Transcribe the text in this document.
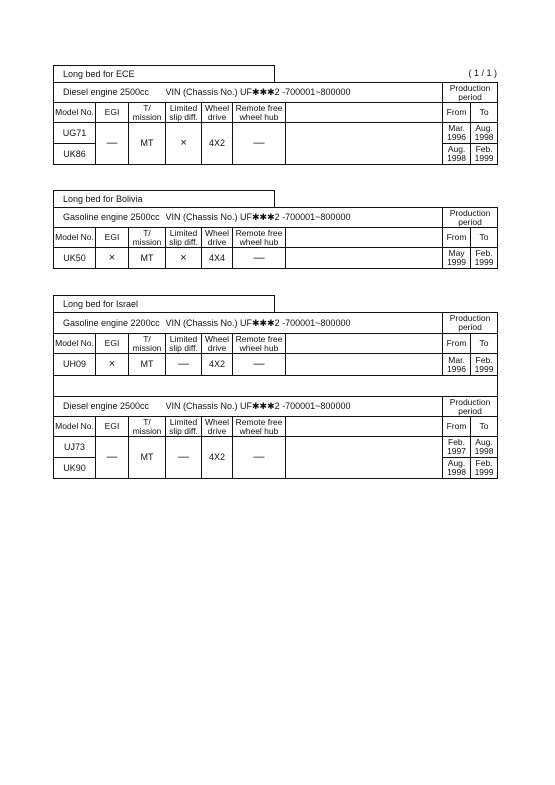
Long bed for ECE	( 1 / 1 )
Diesel engine 2500cc			VIN (Chassis No.) UF✱✱✱2 -700001~800000				Production period	
Model No.	EGI	T/ mission	Limited slip diff.	Wheel drive	Remote free wheel hub		From	To
UG71	—	MT	×	4X2	—		Mar. 1996	Aug. 1998
UK86							Aug. 1998	Feb. 1999
Long bed for Bolivia
Gasoline engine 2500cc			VIN (Chassis No.) UF✱✱✱2 -700001~800000				Production period	
Model No.	EGI	T/ mission	Limited slip diff.	Wheel drive	Remote free wheel hub		From	To
UK50	×	MT	×	4X4	—		May 1999	Feb. 1999
Long bed for Israel
Gasoline engine 2200cc			VIN (Chassis No.) UF✱✱✱2 -700001~800000				Production period	
Model No.	EGI	T/ mission	Limited slip diff.	Wheel drive	Remote free wheel hub		From	To
UH09	×	MT	—	4X2	—		Mar. 1996	Feb. 1999

Diesel engine 2500cc			VIN (Chassis No.) UF✱✱✱2 -700001~800000				Production period	
Model No.	EGI	T/ mission	Limited slip diff.	Wheel drive	Remote free wheel hub		From	To
UJ73	—	MT	—	4X2	—		Feb. 1997	Aug. 1998
UK90							Aug. 1998	Feb. 1999
